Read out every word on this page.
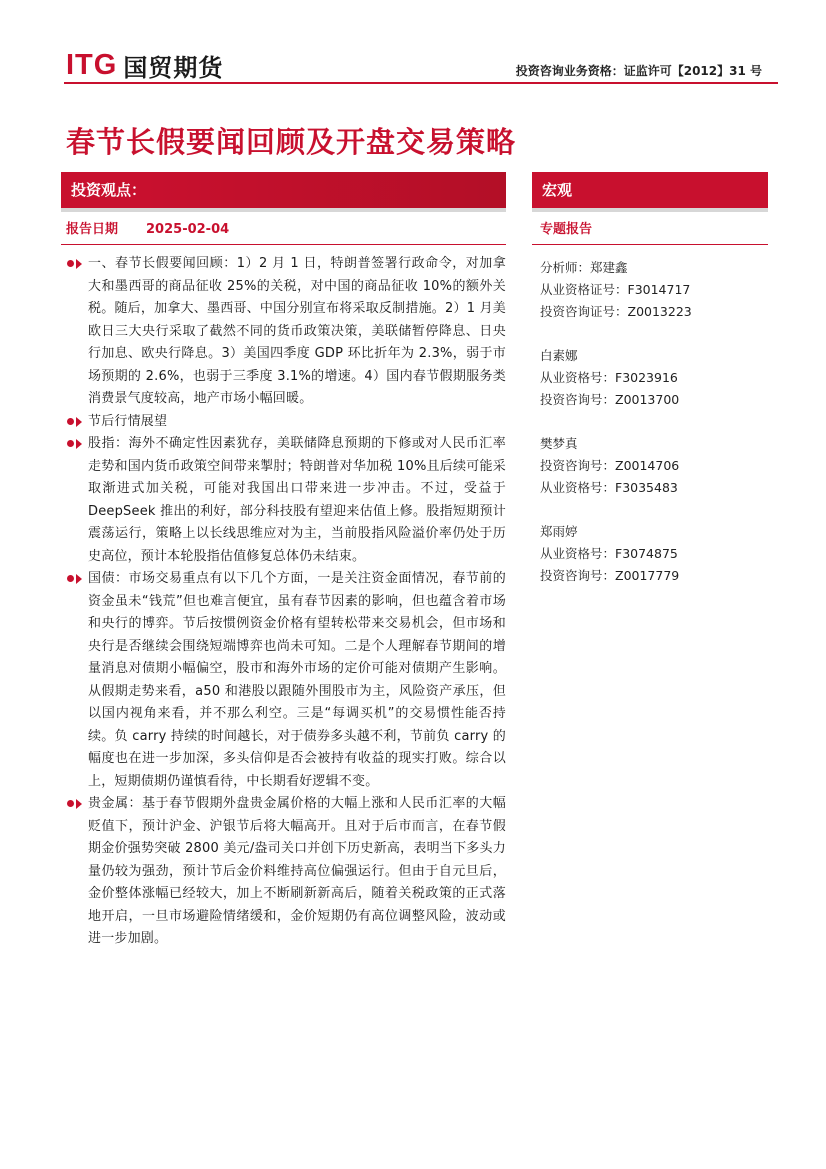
ITG 国贸期货	投资咨询业务资格：证监许可【2012】31 号
春节长假要闻回顾及开盘交易策略
投资观点：	宏观
报告日期 2025-02-04	专题报告
一、春节长假要闻回顾：1）2 月 1 日，特朗普签署行政命令，对加拿大和墨西哥的商品征收 25%的关税，对中国的商品征收 10%的额外关税。随后，加拿大、墨西哥、中国分别宣布将采取反制措施。2）1 月美欧日三大央行采取了截然不同的货币政策决策，美联储暂停降息、日央行加息、欧央行降息。3）美国四季度 GDP 环比折年为 2.3%，弱于市场预期的 2.6%，也弱于三季度 3.1%的增速。4）国内春节假期服务类消费景气度较高，地产市场小幅回暖。
节后行情展望
股指：海外不确定性因素犹存，美联储降息预期的下修或对人民币汇率走势和国内货币政策空间带来掣肘；特朗普对华加税 10%且后续可能采取渐进式加关税，可能对我国出口带来进一步冲击。不过，受益于 DeepSeek 推出的利好，部分科技股有望迎来估值上修。股指短期预计震荡运行，策略上以长线思维应对为主，当前股指风险溢价率仍处于历史高位，预计本轮股指估值修复总体仍未结束。
国债：市场交易重点有以下几个方面，一是关注资金面情况，春节前的资金虽未“钱荒”但也难言便宜，虽有春节因素的影响，但也蕴含着市场和央行的博弈。节后按惯例资金价格有望转松带来交易机会，但市场和央行是否继续会围绕短端博弈也尚未可知。二是个人理解春节期间的增量消息对债期小幅偏空，股市和海外市场的定价可能对债期产生影响。从假期走势来看，a50 和港股以跟随外围股市为主，风险资产承压，但以国内视角来看，并不那么利空。三是“每调买机”的交易惯性能否持续。负 carry 持续的时间越长，对于债券多头越不利，节前负 carry 的幅度也在进一步加深，多头信仰是否会被持有收益的现实打败。综合以上，短期债期仍谨慎看待，中长期看好逻辑不变。
贵金属：基于春节假期外盘贵金属价格的大幅上涨和人民币汇率的大幅贬值下，预计沪金、沪银节后将大幅高开。且对于后市而言，在春节假期金价强势突破 2800 美元/盎司关口并创下历史新高，表明当下多头力量仍较为强劲，预计节后金价料维持高位偏强运行。但由于自元旦后，金价整体涨幅已经较大，加上不断刷新新高后，随着关税政策的正式落地开启，一旦市场避险情绪缓和，金价短期仍有高位调整风险，波动或进一步加剧。
分析师：郑建鑫
从业资格证号：F3014717
投资咨询证号：Z0013223
白素娜
从业资格号：F3023916
投资咨询号：Z0013700
樊梦真
投资咨询号：Z0014706
从业资格号：F3035483
郑雨婷
从业资格号：F3074875
投资咨询号：Z0017779
